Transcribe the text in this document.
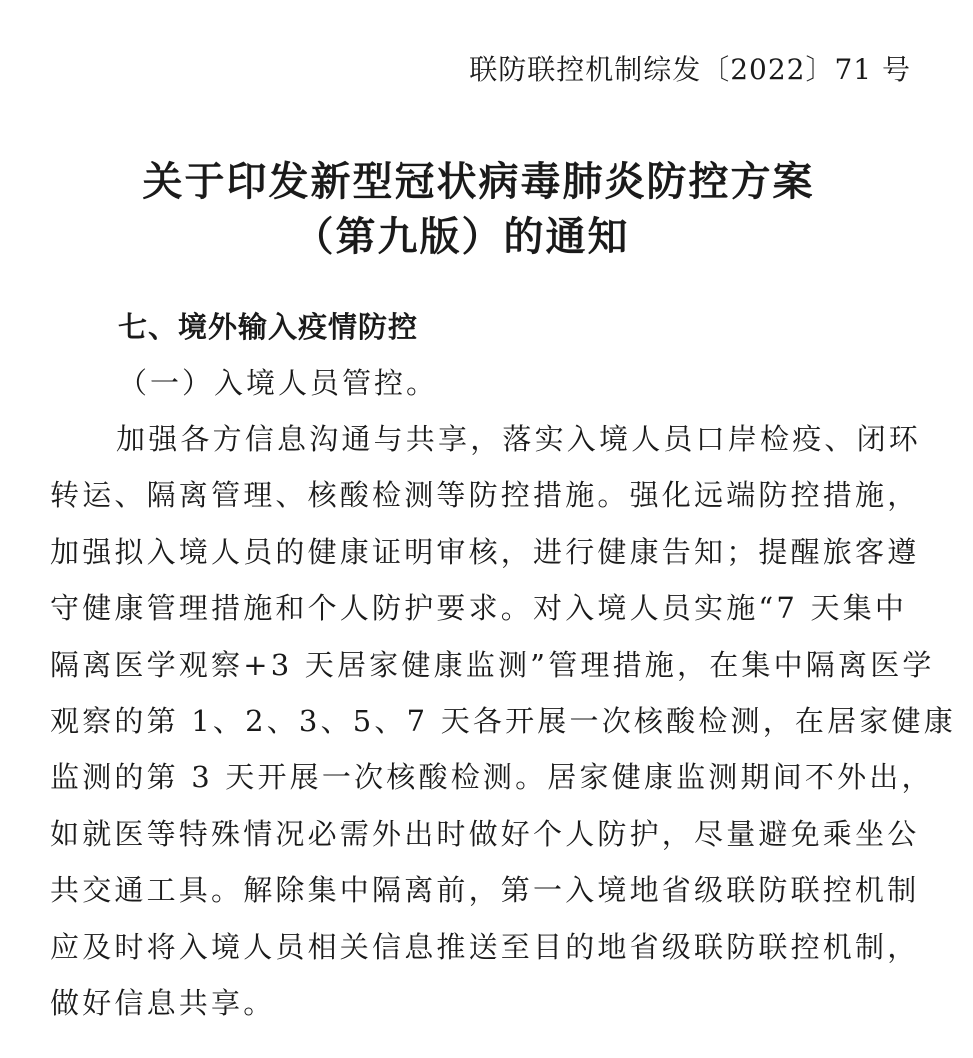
联防联控机制综发〔2022〕71 号
关于印发新型冠状病毒肺炎防控方案
（第九版）的通知
七、境外输入疫情防控
（一）入境人员管控。
加强各方信息沟通与共享，落实入境人员口岸检疫、闭环
转运、隔离管理、核酸检测等防控措施。强化远端防控措施，
加强拟入境人员的健康证明审核，进行健康告知；提醒旅客遵
守健康管理措施和个人防护要求。对入境人员实施“7 天集中
隔离医学观察+3 天居家健康监测”管理措施，在集中隔离医学
观察的第 1、2、3、5、7 天各开展一次核酸检测，在居家健康
监测的第 3 天开展一次核酸检测。居家健康监测期间不外出，
如就医等特殊情况必需外出时做好个人防护，尽量避免乘坐公
共交通工具。解除集中隔离前，第一入境地省级联防联控机制
应及时将入境人员相关信息推送至目的地省级联防联控机制，
做好信息共享。
